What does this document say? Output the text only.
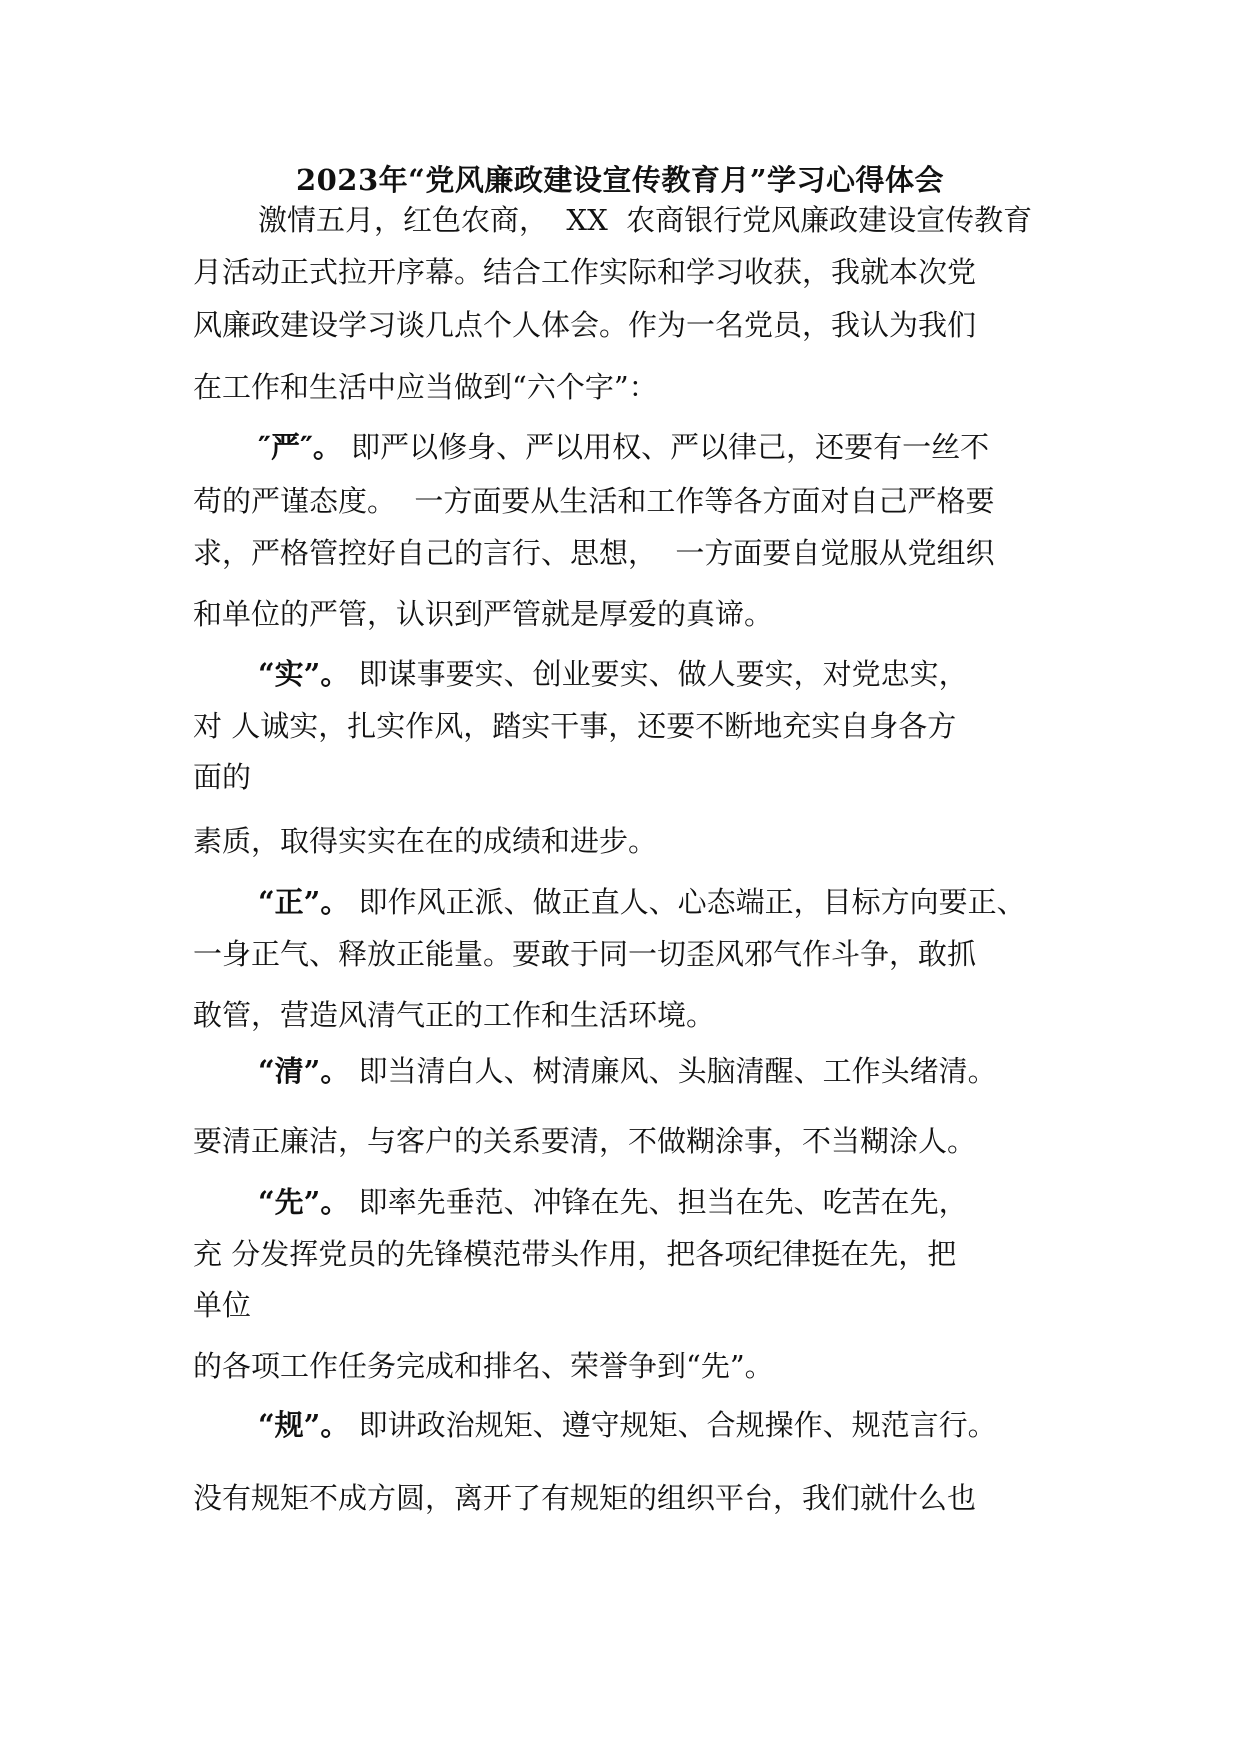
2023年“党风廉政建设宣传教育月”学习心得体会
激情五月，红色农商，  XX  农商银行党风廉政建设宣传教育
月活动正式拉开序幕。结合工作实际和学习收获，我就本次党
风廉政建设学习谈几点个人体会。作为一名党员，我认为我们
在工作和生活中应当做到“六个字”：
″严″。 即严以修身、严以用权、严以律己，还要有一丝不
苟的严谨态度。  一方面要从生活和工作等各方面对自己严格要
求，严格管控好自己的言行、思想，  一方面要自觉服从党组织
和单位的严管，认识到严管就是厚爱的真谛。
“实”。 即谋事要实、创业要实、做人要实，对党忠实，
对 人诚实，扎实作风，踏实干事，还要不断地充实自身各方
面的
素质，取得实实在在的成绩和进步。
“正”。 即作风正派、做正直人、心态端正，目标方向要正、
一身正气、释放正能量。要敢于同一切歪风邪气作斗争，敢抓
敢管，营造风清气正的工作和生活环境。
“清”。 即当清白人、树清廉风、头脑清醒、工作头绪清。
要清正廉洁，与客户的关系要清，不做糊涂事，不当糊涂人。
“先”。 即率先垂范、冲锋在先、担当在先、吃苦在先，
充 分发挥党员的先锋模范带头作用，把各项纪律挺在先，把
单位
的各项工作任务完成和排名、荣誉争到“先”。
“规”。 即讲政治规矩、遵守规矩、合规操作、规范言行。
没有规矩不成方圆，离开了有规矩的组织平台，我们就什么也
